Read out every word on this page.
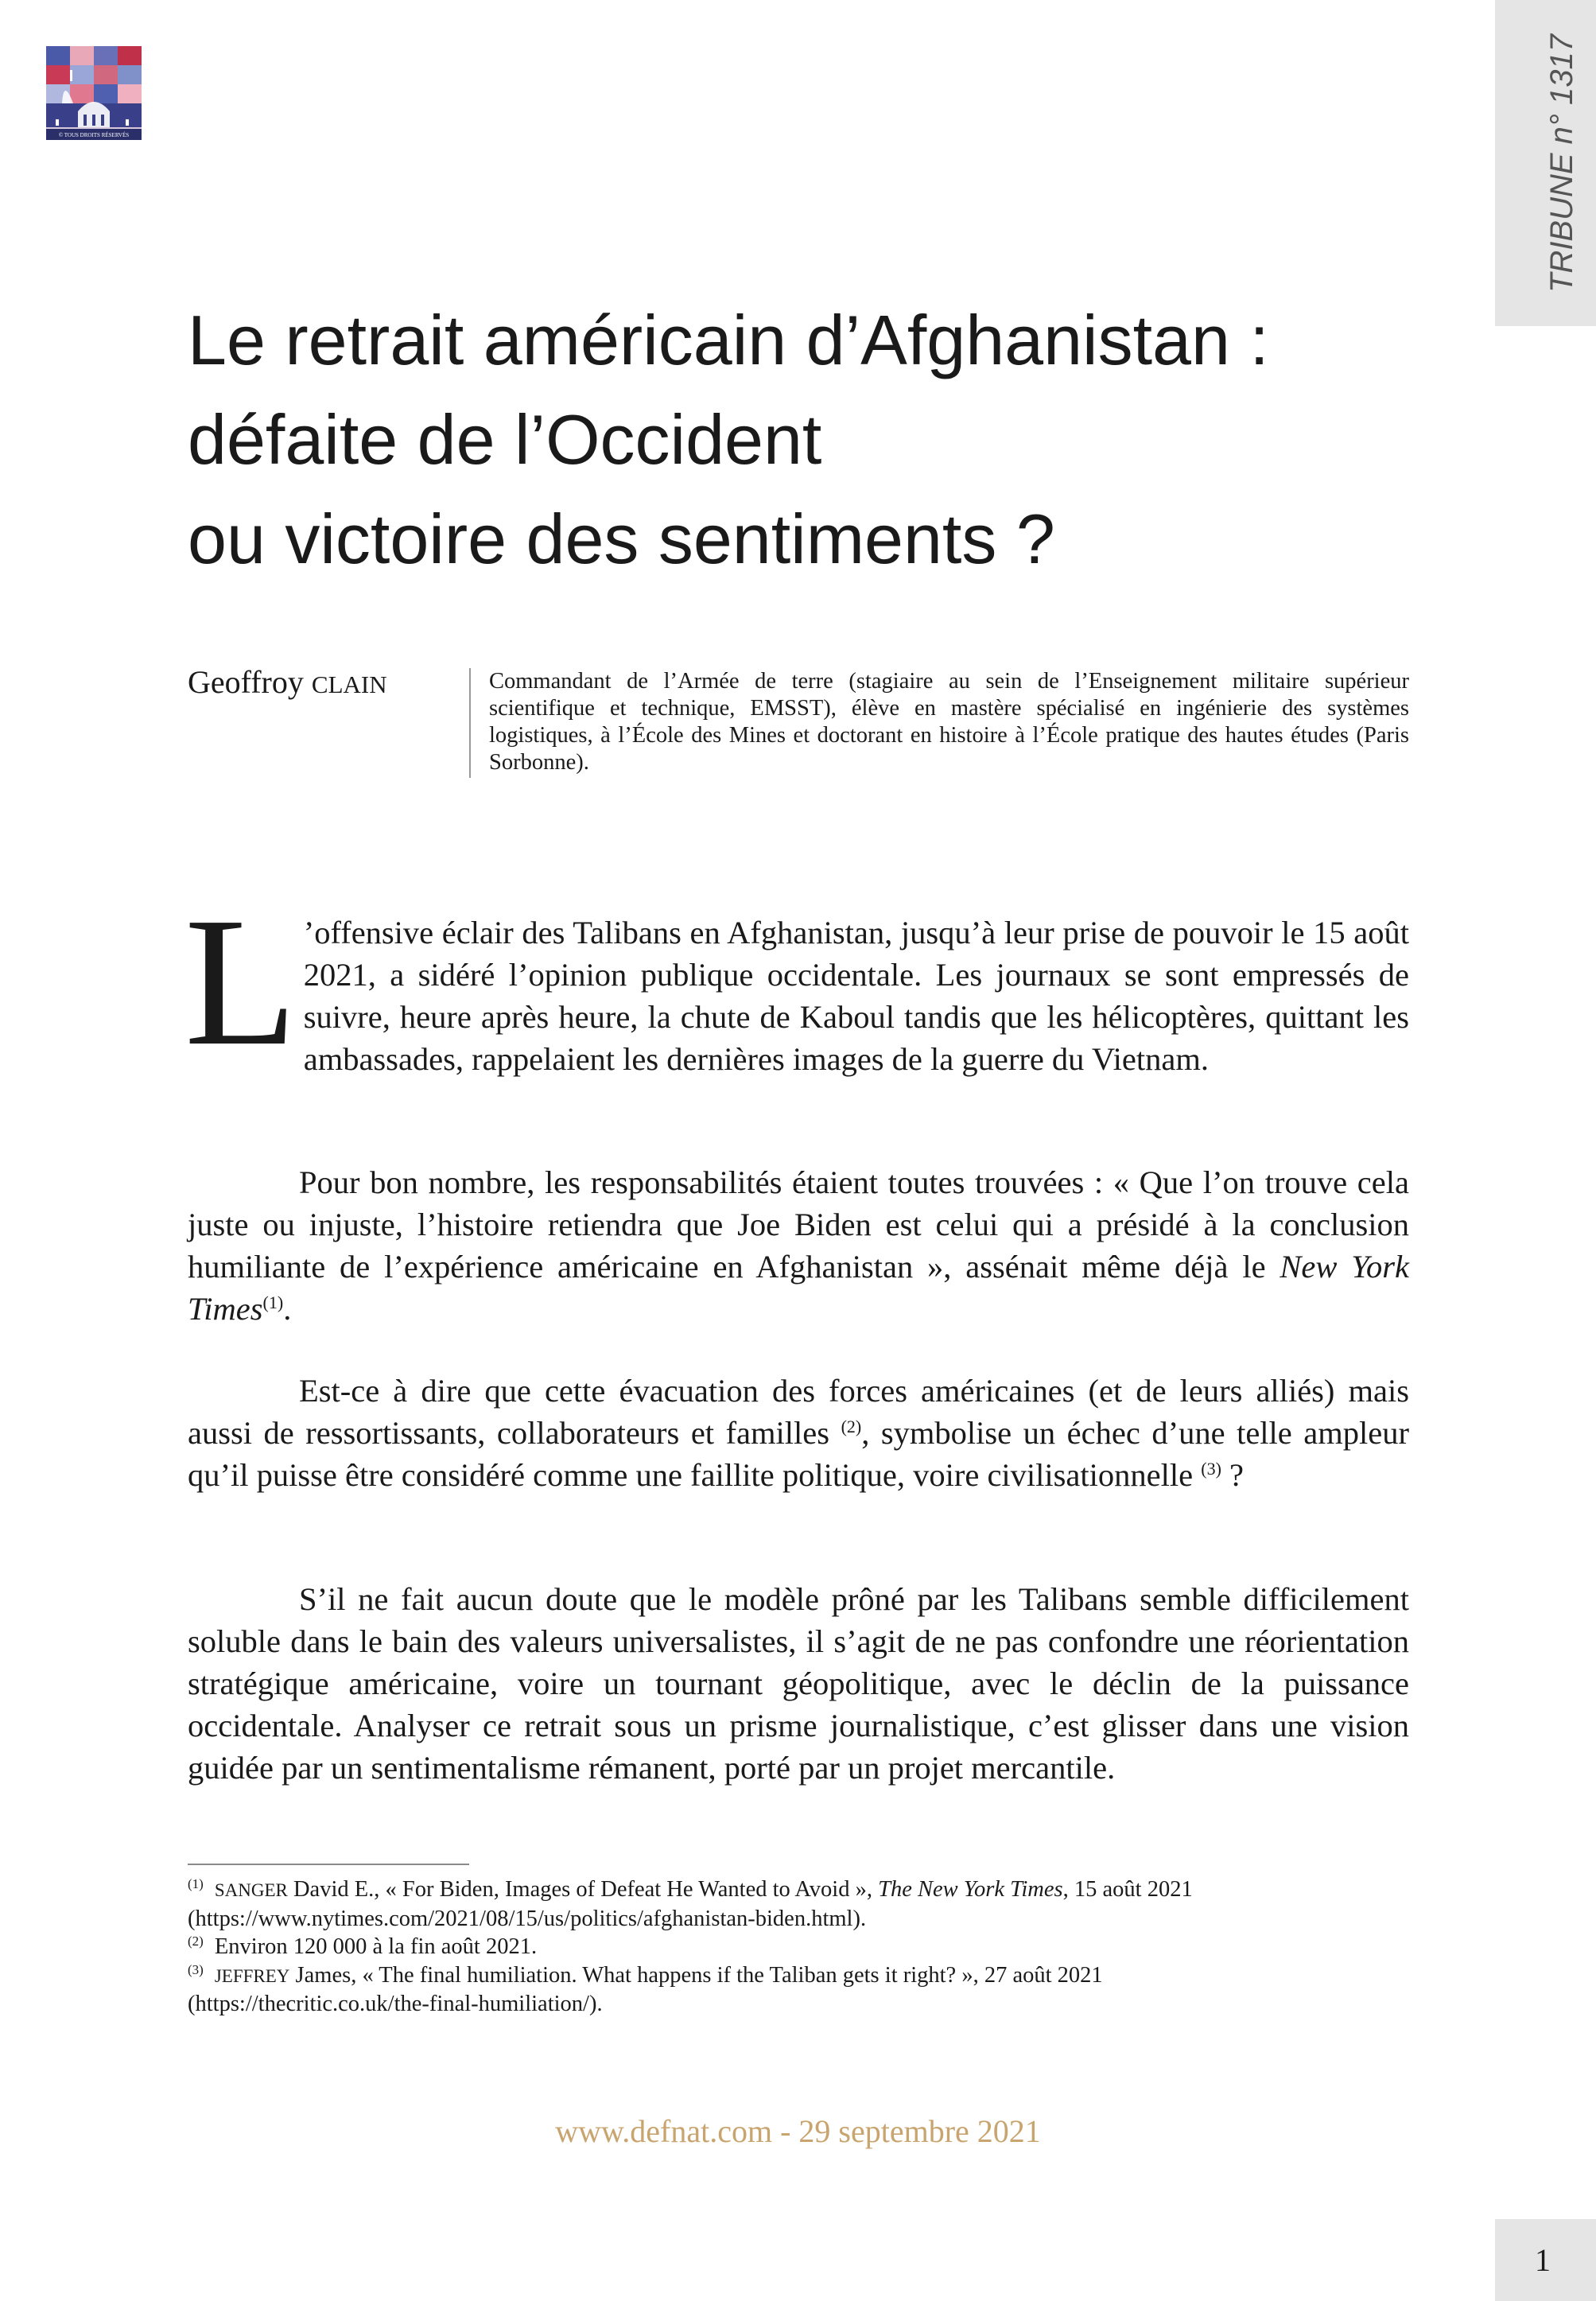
© TOUS DROITS RÉSERVÉS	TRIBUNE n° 1317
Le retrait américain d’Afghanistan :
défaite de l’Occident
ou victoire des sentiments ?
Geoffroy CLAIN	Commandant de l’Armée de terre (stagiaire au sein de l’Enseignement militaire supérieur scientifique et technique, EMSST), élève en mastère spécialisé en ingénierie des systèmes logistiques, à l’École des Mines et doctorant en histoire à l’École pratique des hautes études (Paris Sorbonne).

L ’offensive éclair des Talibans en Afghanistan, jusqu’à leur prise de pouvoir le 15 août 2021, a sidéré l’opinion publique occidentale. Les journaux se sont empressés de suivre, heure après heure, la chute de Kaboul tandis que les hélicoptères, quittant les ambassades, rappelaient les dernières images de la guerre du Vietnam.

Pour bon nombre, les responsabilités étaient toutes trouvées : « Que l’on trouve cela juste ou injuste, l’histoire retiendra que Joe Biden est celui qui a présidé à la conclusion humiliante de l’expérience américaine en Afghanistan », assénait même déjà le New York Times$^{(1)}$.

Est-ce à dire que cette évacuation des forces américaines (et de leurs alliés) mais aussi de ressortissants, collaborateurs et familles $^{(2)}$, symbolise un échec d’une telle ampleur qu’il puisse être considéré comme une faillite politique, voire civilisationnelle $^{(3)}$ ?

S’il ne fait aucun doute que le modèle prôné par les Talibans semble difficilement soluble dans le bain des valeurs universalistes, il s’agit de ne pas confondre une réorientation stratégique américaine, voire un tournant géopolitique, avec le déclin de la puissance occidentale. Analyser ce retrait sous un prisme journalistique, c’est glisser dans une vision guidée par un sentimentalisme rémanent, porté par un projet mercantile.

$^{(1)}$ SANGER David E., « For Biden, Images of Defeat He Wanted to Avoid », The New York Times, 15 août 2021
(https://www.nytimes.com/2021/08/15/us/politics/afghanistan-biden.html).

$^{(2)}$ Environ 120 000 à la fin août 2021.

$^{(3)}$ JEFFREY James, « The final humiliation. What happens if the Taliban gets it right? », 27 août 2021
(https://thecritic.co.uk/the-final-humiliation/).

www.defnat.com - 29 septembre 2021
1
